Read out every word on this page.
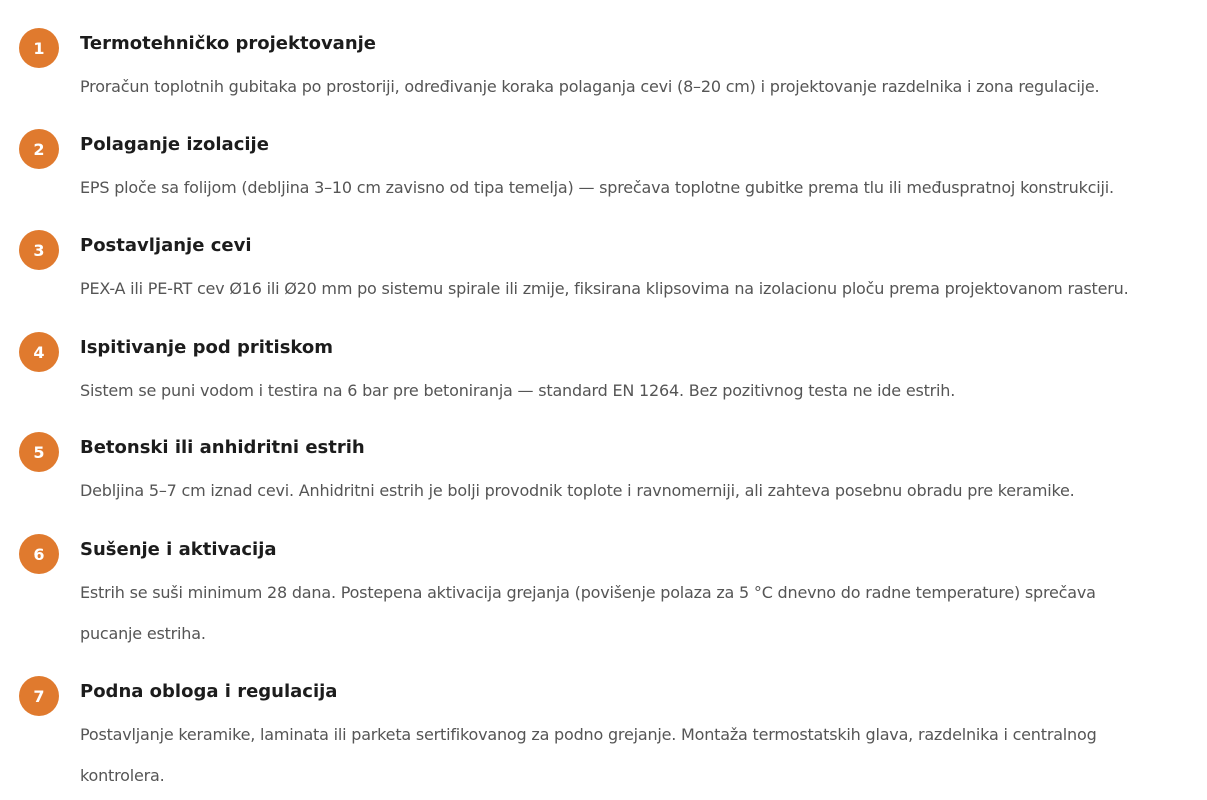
1	Termotehničko projektovanje
Proračun toplotnih gubitaka po prostoriji, određivanje koraka polaganja cevi (8–20 cm) i projektovanje razdelnika i zona regulacije.
2	Polaganje izolacije
EPS ploče sa folijom (debljina 3–10 cm zavisno od tipa temelja) — sprečava toplotne gubitke prema tlu ili međuspratnoj konstrukciji.
3	Postavljanje cevi
PEX-A ili PE-RT cev Ø16 ili Ø20 mm po sistemu spirale ili zmije, fiksirana klipsovima na izolacionu ploču prema projektovanom rasteru.
4	Ispitivanje pod pritiskom
Sistem se puni vodom i testira na 6 bar pre betoniranja — standard EN 1264. Bez pozitivnog testa ne ide estrih.
5	Betonski ili anhidritni estrih
Debljina 5–7 cm iznad cevi. Anhidritni estrih je bolji provodnik toplote i ravnomerniji, ali zahteva posebnu obradu pre keramike.
6	Sušenje i aktivacija
Estrih se suši minimum 28 dana. Postepena aktivacija grejanja (povišenje polaza za 5 °C dnevno do radne temperature) sprečava pucanje estriha.
7	Podna obloga i regulacija
Postavljanje keramike, laminata ili parketa sertifikovanog za podno grejanje. Montaža termostatskih glava, razdelnika i centralnog kontrolera.
